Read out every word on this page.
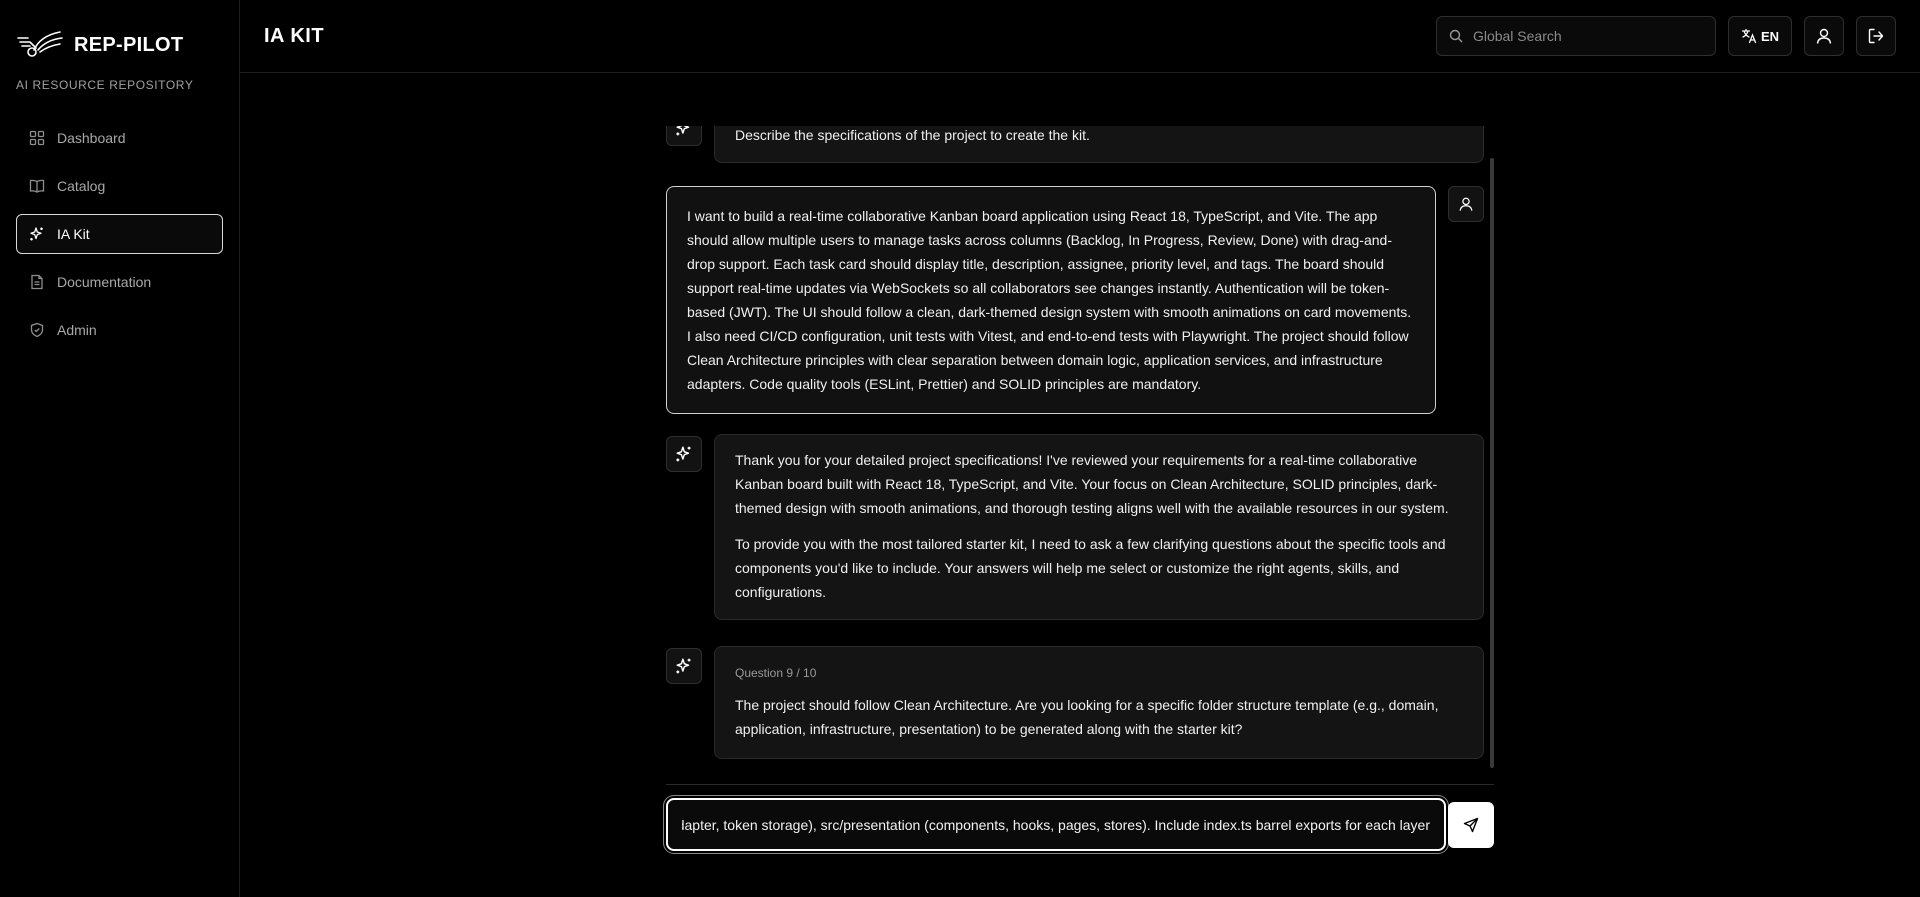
REP-PILOT
AI RESOURCE REPOSITORY
Dashboard
Catalog
IA Kit
Documentation
Admin
IA KIT
Global Search	EN
Describe the specifications of the project to create the kit.
I want to build a real-time collaborative Kanban board application using React 18, TypeScript, and Vite. The app should allow multiple users to manage tasks across columns (Backlog, In Progress, Review, Done) with drag-and-drop support. Each task card should display title, description, assignee, priority level, and tags. The board should support real-time updates via WebSockets so all collaborators see changes instantly. Authentication will be token-based (JWT). The UI should follow a clean, dark-themed design system with smooth animations on card movements. I also need CI/CD configuration, unit tests with Vitest, and end-to-end tests with Playwright. The project should follow Clean Architecture principles with clear separation between domain logic, application services, and infrastructure adapters. Code quality tools (ESLint, Prettier) and SOLID principles are mandatory.

Thank you for your detailed project specifications! I've reviewed your requirements for a real-time collaborative Kanban board built with React 18, TypeScript, and Vite. Your focus on Clean Architecture, SOLID principles, dark-themed design with smooth animations, and thorough testing aligns well with the available resources in our system.

To provide you with the most tailored starter kit, I need to ask a few clarifying questions about the specific tools and components you'd like to include. Your answers will help me select or customize the right agents, skills, and configurations.

Question 9 / 10
The project should follow Clean Architecture. Are you looking for a specific folder structure template (e.g., domain, application, infrastructure, presentation) to be generated along with the starter kit?
src/domain (entities, value objects, repository interfaces), src/application (use cases, services), src/infrastructure (websocket adapter, api adapter, token storage), src/presentation (components, hooks, pages, stores). Include index.ts barrel exports for each layer.
